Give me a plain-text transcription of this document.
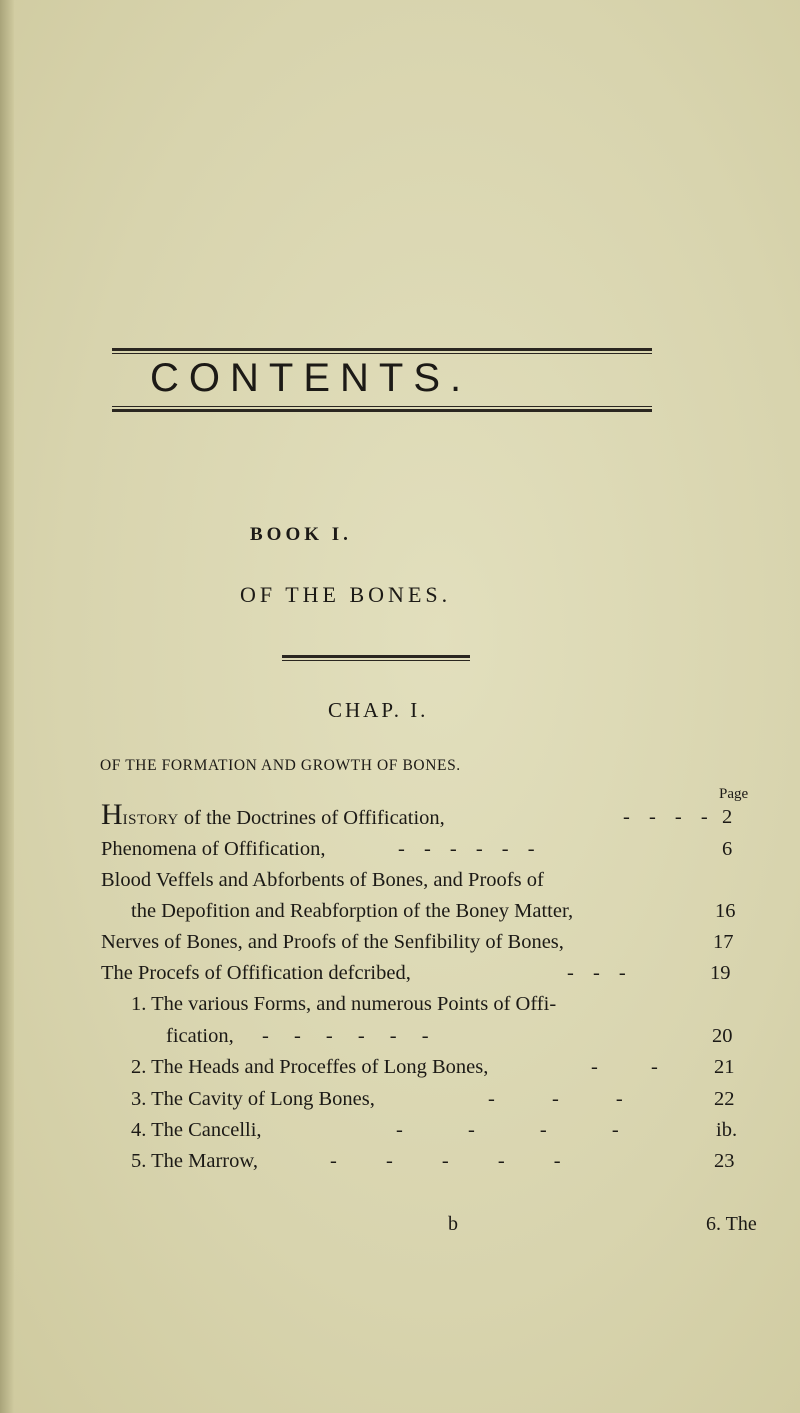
CONTENTS.
BOOK I.
OF THE BONES.
CHAP. I.
OF THE FORMATION AND GROWTH OF BONES.
Page
HISTORY of the Doctrines of Offification,	- - - - 2
Phenomena of Offification,	- - - - - -	6
Blood Veffels and Abforbents of Bones, and Proofs of
the Depofition and Reabforption of the Boney Matter,	16
Nerves of Bones, and Proofs of the Senfibility of Bones,	17
The Procefs of Offification defcribed,	- - -	19
1. The various Forms, and numerous Points of Offi-
fication, - - - - - -	20
2. The Heads and Proceffes of Long Bones,	- - 21
3. The Cavity of Long Bones,	- - -	22
4. The Cancelli,	- - - -	ib.
5. The Marrow,	- - - - -	23
b	6. The
